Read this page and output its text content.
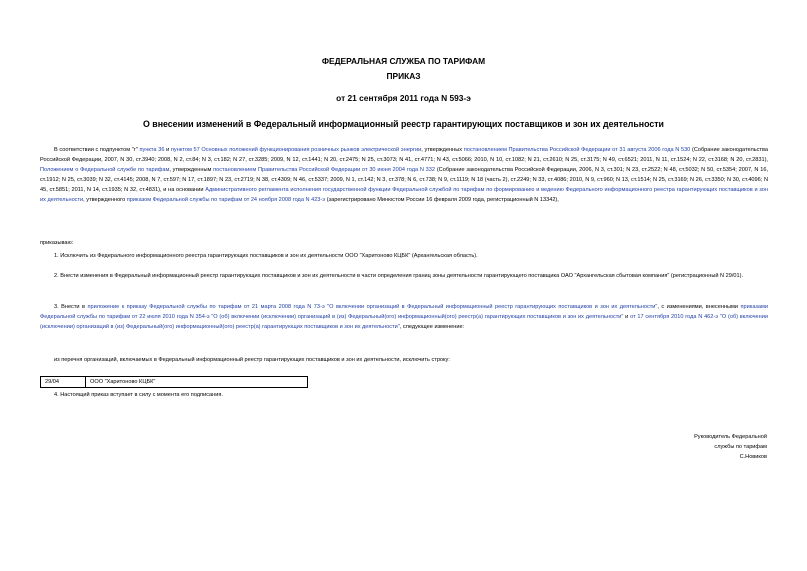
ФЕДЕРАЛЬНАЯ СЛУЖБА ПО ТАРИФАМ
ПРИКАЗ
от 21 сентября 2011 года N 593-э
О внесении изменений в Федеральный информационный реестр гарантирующих поставщиков и зон их деятельности
В соответствии с подпунктом "г" пункта 36 и пунктом 57 Основных положений функционирования розничных рынков электрической энергии, утвержденных постановлением Правительства Российской Федерации от 31 августа 2006 года N 530 (Собрание законодательства Российской Федерации, 2007, N 30, ст.3940; 2008, N 2, ст.84; N 3, ст.182; N 27, ст.3285; 2009, N 12, ст.1441; N 20, ст.2475; N 25, ст.3073; N 41, ст.4771; N 43, ст.5066; 2010, N 10, ст.1082; N 21, ст.2610; N 25, ст.3175; N 49, ст.6521; 2011, N 11, ст.1524; N 22, ст.3168; N 20, ст.2831), Положением о Федеральной службе по тарифам, утвержденным постановлением Правительства Российской Федерации от 30 июня 2004 года N 332 (Собрание законодательства Российской Федерации, 2006, N 3, ст.301; N 23, ст.2522; N 48, ст.5032; N 50, ст.5354; 2007, N 16, ст.1912; N 25, ст.3039; N 32, ст.4145; 2008, N 7, ст.597; N 17, ст.1897; N 23, ст.2719; N 38, ст.4309; N 46, ст.5337; 2009, N 1, ст.142; N 3, ст.378; N 6, ст.738; N 9, ст.1119; N 18 (часть 2), ст.2249; N 33, ст.4086; 2010, N 9, ст.960; N 13, ст.1514; N 25, ст.3169; N 26, ст.3350; N 30, ст.4096; N 45, ст.5851; 2011, N 14, ст.1935; N 32, ст.4831), и на основании Административного регламента исполнения государственной функции Федеральной службой по тарифам по формированию и ведению Федерального информационного реестра гарантирующих поставщиков и зон их деятельности, утвержденного приказом Федеральной службы по тарифам от 24 ноября 2008 года N 423-э (зарегистрировано Минюстом России 16 февраля 2009 года, регистрационный N 13342),
приказываю:
1. Исключить из Федерального информационного реестра гарантирующих поставщиков и зон их деятельности ООО "Харитоново КЦБК" (Архангельская область).
2. Внести изменения в Федеральный информационный реестр гарантирующих поставщиков и зон их деятельности в части определения границ зоны деятельности гарантирующего поставщика ОАО "Архангельская сбытовая компания" (регистрационный N 29/01).
3. Внести в приложение к приказу Федеральной службы по тарифам от 21 марта 2008 года N 73-э "О включении организаций в Федеральный информационный реестр гарантирующих поставщиков и зон их деятельности", с изменениями, внесенными приказами Федеральной службы по тарифам от 22 июля 2010 года N 354-э "О (об) включении (исключении) организаций в (из) Федеральный(ого) информационный(ого) реестр(а) гарантирующих поставщиков и зон их деятельности" и от 17 сентября 2010 года N 462-э "О (об) включении (исключении) организаций в (из) Федеральный(ого) информационный(ого) реестр(а) гарантирующих поставщиков и зон их деятельности", следующее изменение:
из перечня организаций, включаемых в Федеральный информационный реестр гарантирующих поставщиков и зон их деятельности, исключить строку:
29/04	ООО "Харитоново КЦБК"
4. Настоящий приказ вступает в силу с момента его подписания.
Руководитель Федеральной
службы по тарифам
С.Новиков
